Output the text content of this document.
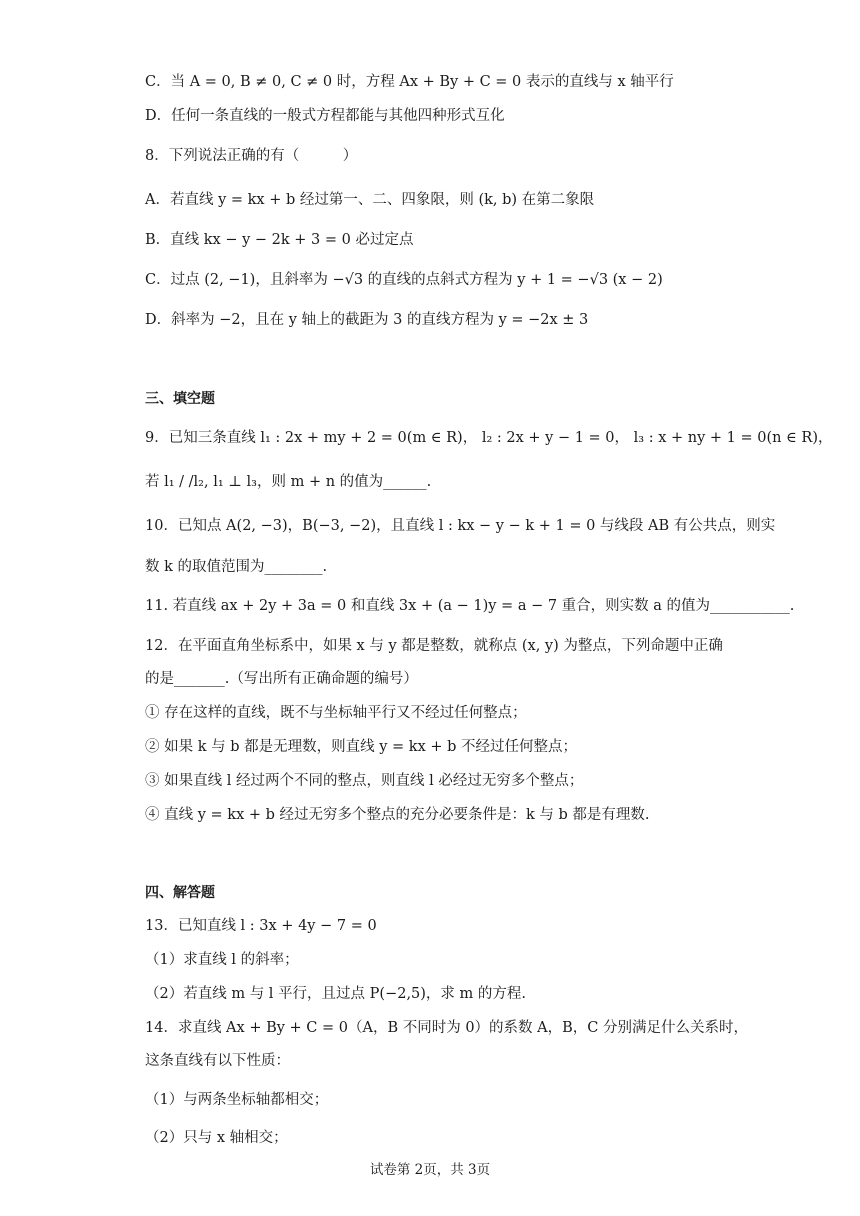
C．当 A = 0, B ≠ 0, C ≠ 0 时，方程 Ax + By + C = 0 表示的直线与 x 轴平行
D．任何一条直线的一般式方程都能与其他四种形式互化
8．下列说法正确的有（　　　）
A．若直线 y = kx + b 经过第一、二、四象限，则 (k, b) 在第二象限
B．直线 kx − y − 2k + 3 = 0 必过定点
C．过点 (2, −1)，且斜率为 −√3 的直线的点斜式方程为 y + 1 = −√3 (x − 2)
D．斜率为 −2，且在 y 轴上的截距为 3 的直线方程为 y = −2x ± 3
三、填空题
9．已知三条直线 l₁ : 2x + my + 2 = 0(m ∈ R)， l₂ : 2x + y − 1 = 0， l₃ : x + ny + 1 = 0(n ∈ R)，
若 l₁ / /l₂, l₁ ⊥ l₃，则 m + n 的值为______.
10．已知点 A(2, −3)，B(−3, −2)，且直线 l : kx − y − k + 1 = 0 与线段 AB 有公共点，则实
数 k 的取值范围为________.
11. 若直线 ax + 2y + 3a = 0 和直线 3x + (a − 1)y = a − 7 重合，则实数 a 的值为___________.
12．在平面直角坐标系中，如果 x 与 y 都是整数，就称点 (x, y) 为整点，下列命题中正确
的是_______.（写出所有正确命题的编号）
① 存在这样的直线，既不与坐标轴平行又不经过任何整点；
② 如果 k 与 b 都是无理数，则直线 y = kx + b 不经过任何整点；
③ 如果直线 l 经过两个不同的整点，则直线 l 必经过无穷多个整点；
④ 直线 y = kx + b 经过无穷多个整点的充分必要条件是：k 与 b 都是有理数.
四、解答题
13．已知直线 l : 3x + 4y − 7 = 0
（1）求直线 l 的斜率；
（2）若直线 m 与 l 平行，且过点 P(−2,5)，求 m 的方程.
14．求直线 Ax + By + C = 0（A，B 不同时为 0）的系数 A，B，C 分别满足什么关系时，
这条直线有以下性质：
（1）与两条坐标轴都相交；
（2）只与 x 轴相交；
试卷第 2页，共 3页
